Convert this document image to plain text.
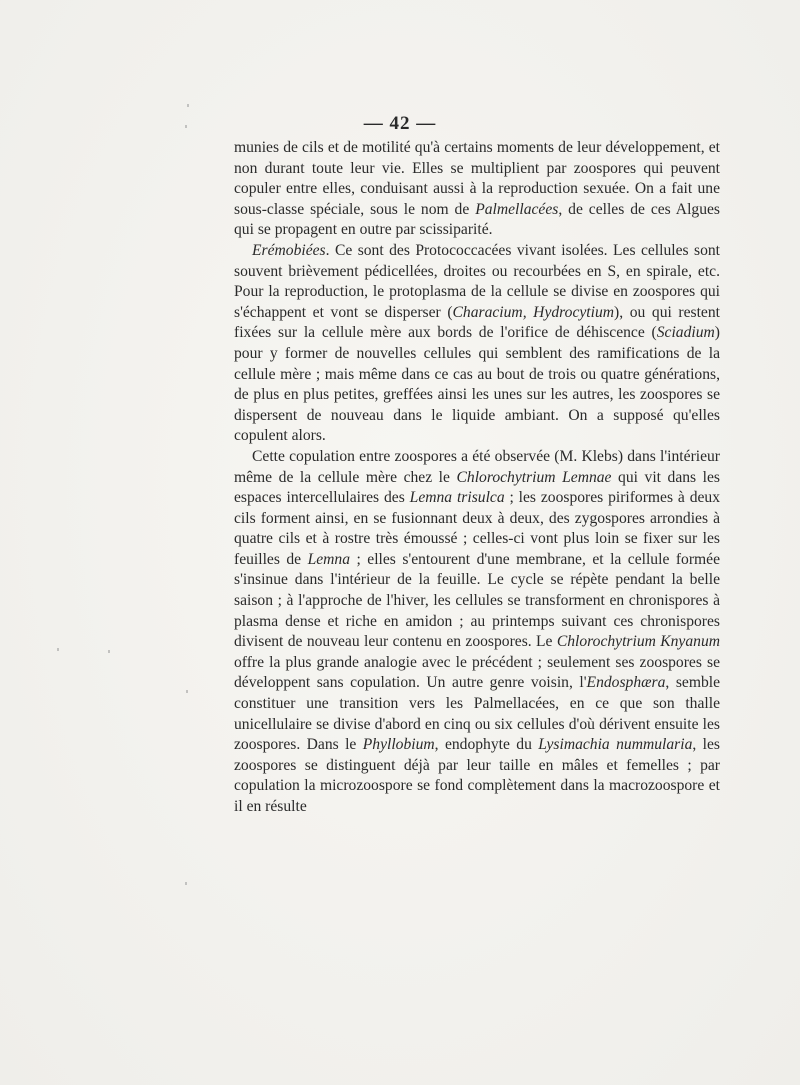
— 42 —

munies de cils et de motilité qu'à certains moments de leur développement, et non durant toute leur vie. Elles se multiplient par zoospores qui peuvent copuler entre elles, conduisant aussi à la reproduction sexuée. On a fait une sous-classe spéciale, sous le nom de Palmellacées, de celles de ces Algues qui se propagent en outre par scissiparité.

Erémobiées. Ce sont des Protococcacées vivant isolées. Les cellules sont souvent brièvement pédicellées, droites ou recourbées en S, en spirale, etc. Pour la reproduction, le protoplasma de la cellule se divise en zoospores qui s'échappent et vont se disperser (Characium, Hydrocytium), ou qui restent fixées sur la cellule mère aux bords de l'orifice de déhiscence (Sciadium) pour y former de nouvelles cellules qui semblent des ramifications de la cellule mère ; mais même dans ce cas au bout de trois ou quatre générations, de plus en plus petites, greffées ainsi les unes sur les autres, les zoospores se dispersent de nouveau dans le liquide ambiant. On a supposé qu'elles copulent alors.

Cette copulation entre zoospores a été observée (M. Klebs) dans l'intérieur même de la cellule mère chez le Chlorochytrium Lemnae qui vit dans les espaces intercellulaires des Lemna trisulca ; les zoospores piriformes à deux cils forment ainsi, en se fusionnant deux à deux, des zygospores arrondies à quatre cils et à rostre très émoussé ; celles-ci vont plus loin se fixer sur les feuilles de Lemna ; elles s'entourent d'une membrane, et la cellule formée s'insinue dans l'intérieur de la feuille. Le cycle se répète pendant la belle saison ; à l'approche de l'hiver, les cellules se transforment en chronispores à plasma dense et riche en amidon ; au printemps suivant ces chronispores divisent de nouveau leur contenu en zoospores. Le Chlorochytrium Knyanum offre la plus grande analogie avec le précédent ; seulement ses zoospores se développent sans copulation. Un autre genre voisin, l'Endosphæra, semble constituer une transition vers les Palmellacées, en ce que son thalle unicellulaire se divise d'abord en cinq ou six cellules d'où dérivent ensuite les zoospores. Dans le Phyllobium, endophyte du Lysimachia nummularia, les zoospores se distinguent déjà par leur taille en mâles et femelles ; par copulation la microzoospore se fond complètement dans la macrozoospore et il en résulte
